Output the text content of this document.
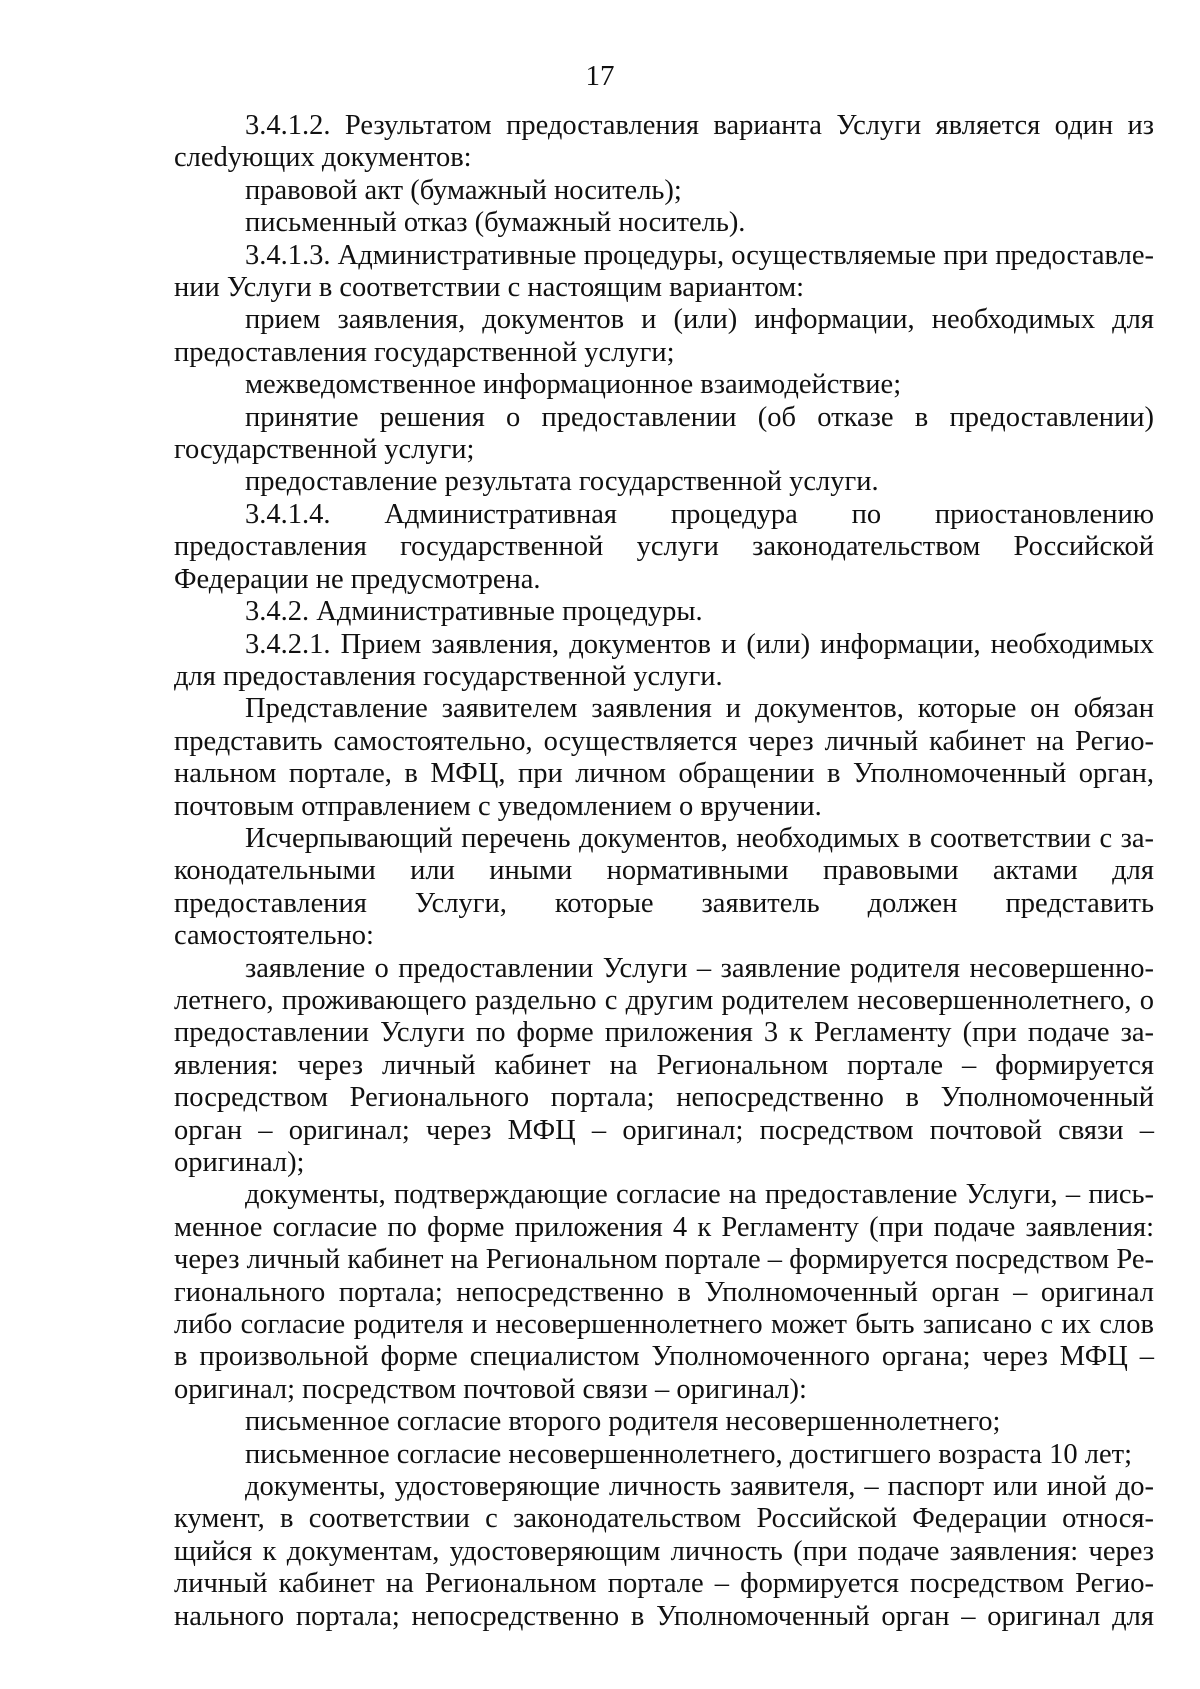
17

3.4.1.2. Результатом предоставления варианта Услуги является один из слеdующих документов:

правовой акт (бумажный носитель);

письменный отказ (бумажный носитель).

3.4.1.3. Административные процедуры, осуществляемые при предоставлении Услуги в соответствии с настоящим вариантом:

прием заявления, документов и (или) информации, необходимых для предоставления государственной услуги;

межведомственное информационное взаимодействие;

принятие решения о предоставлении (об отказе в предоставлении) государственной услуги;

предоставление результата государственной услуги.

3.4.1.4. Административная процедура по приостановлению предоставления государственной услуги законодательством Российской Федерации не предусмотрена.

3.4.2. Административные процедуры.

3.4.2.1. Прием заявления, документов и (или) информации, необходимых для предоставления государственной услуги.

Представление заявителем заявления и документов, которые он обязан представить самостоятельно, осуществляется через личный кабинет на Региональном портале, в МФЦ, при личном обращении в Уполномоченный орган, почтовым отправлением с уведомлением о вручении.

Исчерпывающий перечень документов, необходимых в соответствии с законодательными или иными нормативными правовыми актами для предоставления Услуги, которые заявитель должен представить самостоятельно:

заявление о предоставлении Услуги – заявление родителя несовершеннолетнего, проживающего раздельно с другим родителем несовершеннолетнего, о предоставлении Услуги по форме приложения 3 к Регламенту (при подаче заявления: через личный кабинет на Региональном портале – формируется посредством Регионального портала; непосредственно в Уполномоченный орган – оригинал; через МФЦ – оригинал; посредством почтовой связи – оригинал);

документы, подтверждающие согласие на предоставление Услуги, – письменное согласие по форме приложения 4 к Регламенту (при подаче заявления: через личный кабинет на Региональном портале – формируется посредством Регионального портала; непосредственно в Уполномоченный орган – оригинал либо согласие родителя и несовершеннолетнего может быть записано с их слов в произвольной форме специалистом Уполномоченного органа; через МФЦ – оригинал; посредством почтовой связи – оригинал):

письменное согласие второго родителя несовершеннолетнего;

письменное согласие несовершеннолетнего, достигшего возраста 10 лет;

документы, удостоверяющие личность заявителя, – паспорт или иной документ, в соответствии с законодательством Российской Федерации относящийся к документам, удостоверяющим личность (при подаче заявления: через личный кабинет на Региональном портале – формируется посредством Регионального портала; непосредственно в Уполномоченный орган – оригинал для
